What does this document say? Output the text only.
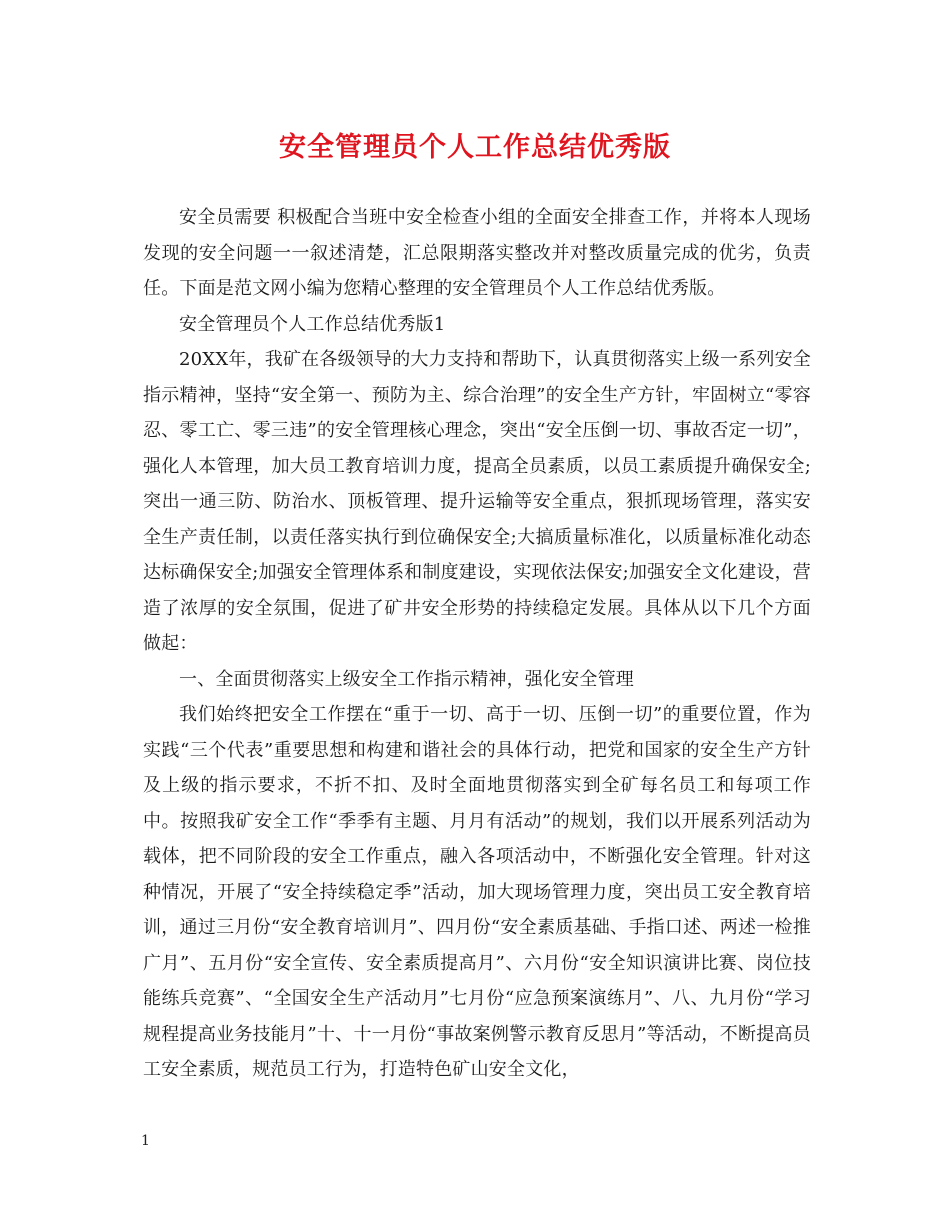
安全管理员个人工作总结优秀版

安全员需要 积极配合当班中安全检查小组的全面安全排查工作，并将本人现场发现的安全问题一一叙述清楚，汇总限期落实整改并对整改质量完成的优劣，负责任。下面是范文网小编为您精心整理的安全管理员个人工作总结优秀版。

安全管理员个人工作总结优秀版1

20XX年，我矿在各级领导的大力支持和帮助下，认真贯彻落实上级一系列安全指示精神，坚持“安全第一、预防为主、综合治理”的安全生产方针，牢固树立“零容忍、零工亡、零三违”的安全管理核心理念，突出“安全压倒一切、事故否定一切”，强化人本管理，加大员工教育培训力度，提高全员素质，以员工素质提升确保安全;突出一通三防、防治水、顶板管理、提升运输等安全重点，狠抓现场管理，落实安全生产责任制，以责任落实执行到位确保安全;大搞质量标准化，以质量标准化动态达标确保安全;加强安全管理体系和制度建设，实现依法保安;加强安全文化建设，营造了浓厚的安全氛围，促进了矿井安全形势的持续稳定发展。具体从以下几个方面做起：

一、全面贯彻落实上级安全工作指示精神，强化安全管理

我们始终把安全工作摆在“重于一切、高于一切、压倒一切”的重要位置，作为实践“三个代表”重要思想和构建和谐社会的具体行动，把党和国家的安全生产方针及上级的指示要求，不折不扣、及时全面地贯彻落实到全矿每名员工和每项工作中。按照我矿安全工作“季季有主题、月月有活动”的规划，我们以开展系列活动为载体，把不同阶段的安全工作重点，融入各项活动中，不断强化安全管理。针对这种情况，开展了“安全持续稳定季”活动，加大现场管理力度，突出员工安全教育培训，通过三月份“安全教育培训月”、四月份“安全素质基础、手指口述、两述一检推广月”、五月份“安全宣传、安全素质提高月”、六月份“安全知识演讲比赛、岗位技能练兵竞赛”、“全国安全生产活动月”七月份“应急预案演练月”、八、九月份“学习规程提高业务技能月”十、十一月份“事故案例警示教育反思月”等活动，不断提高员工安全素质，规范员工行为，打造特色矿山安全文化，

1
